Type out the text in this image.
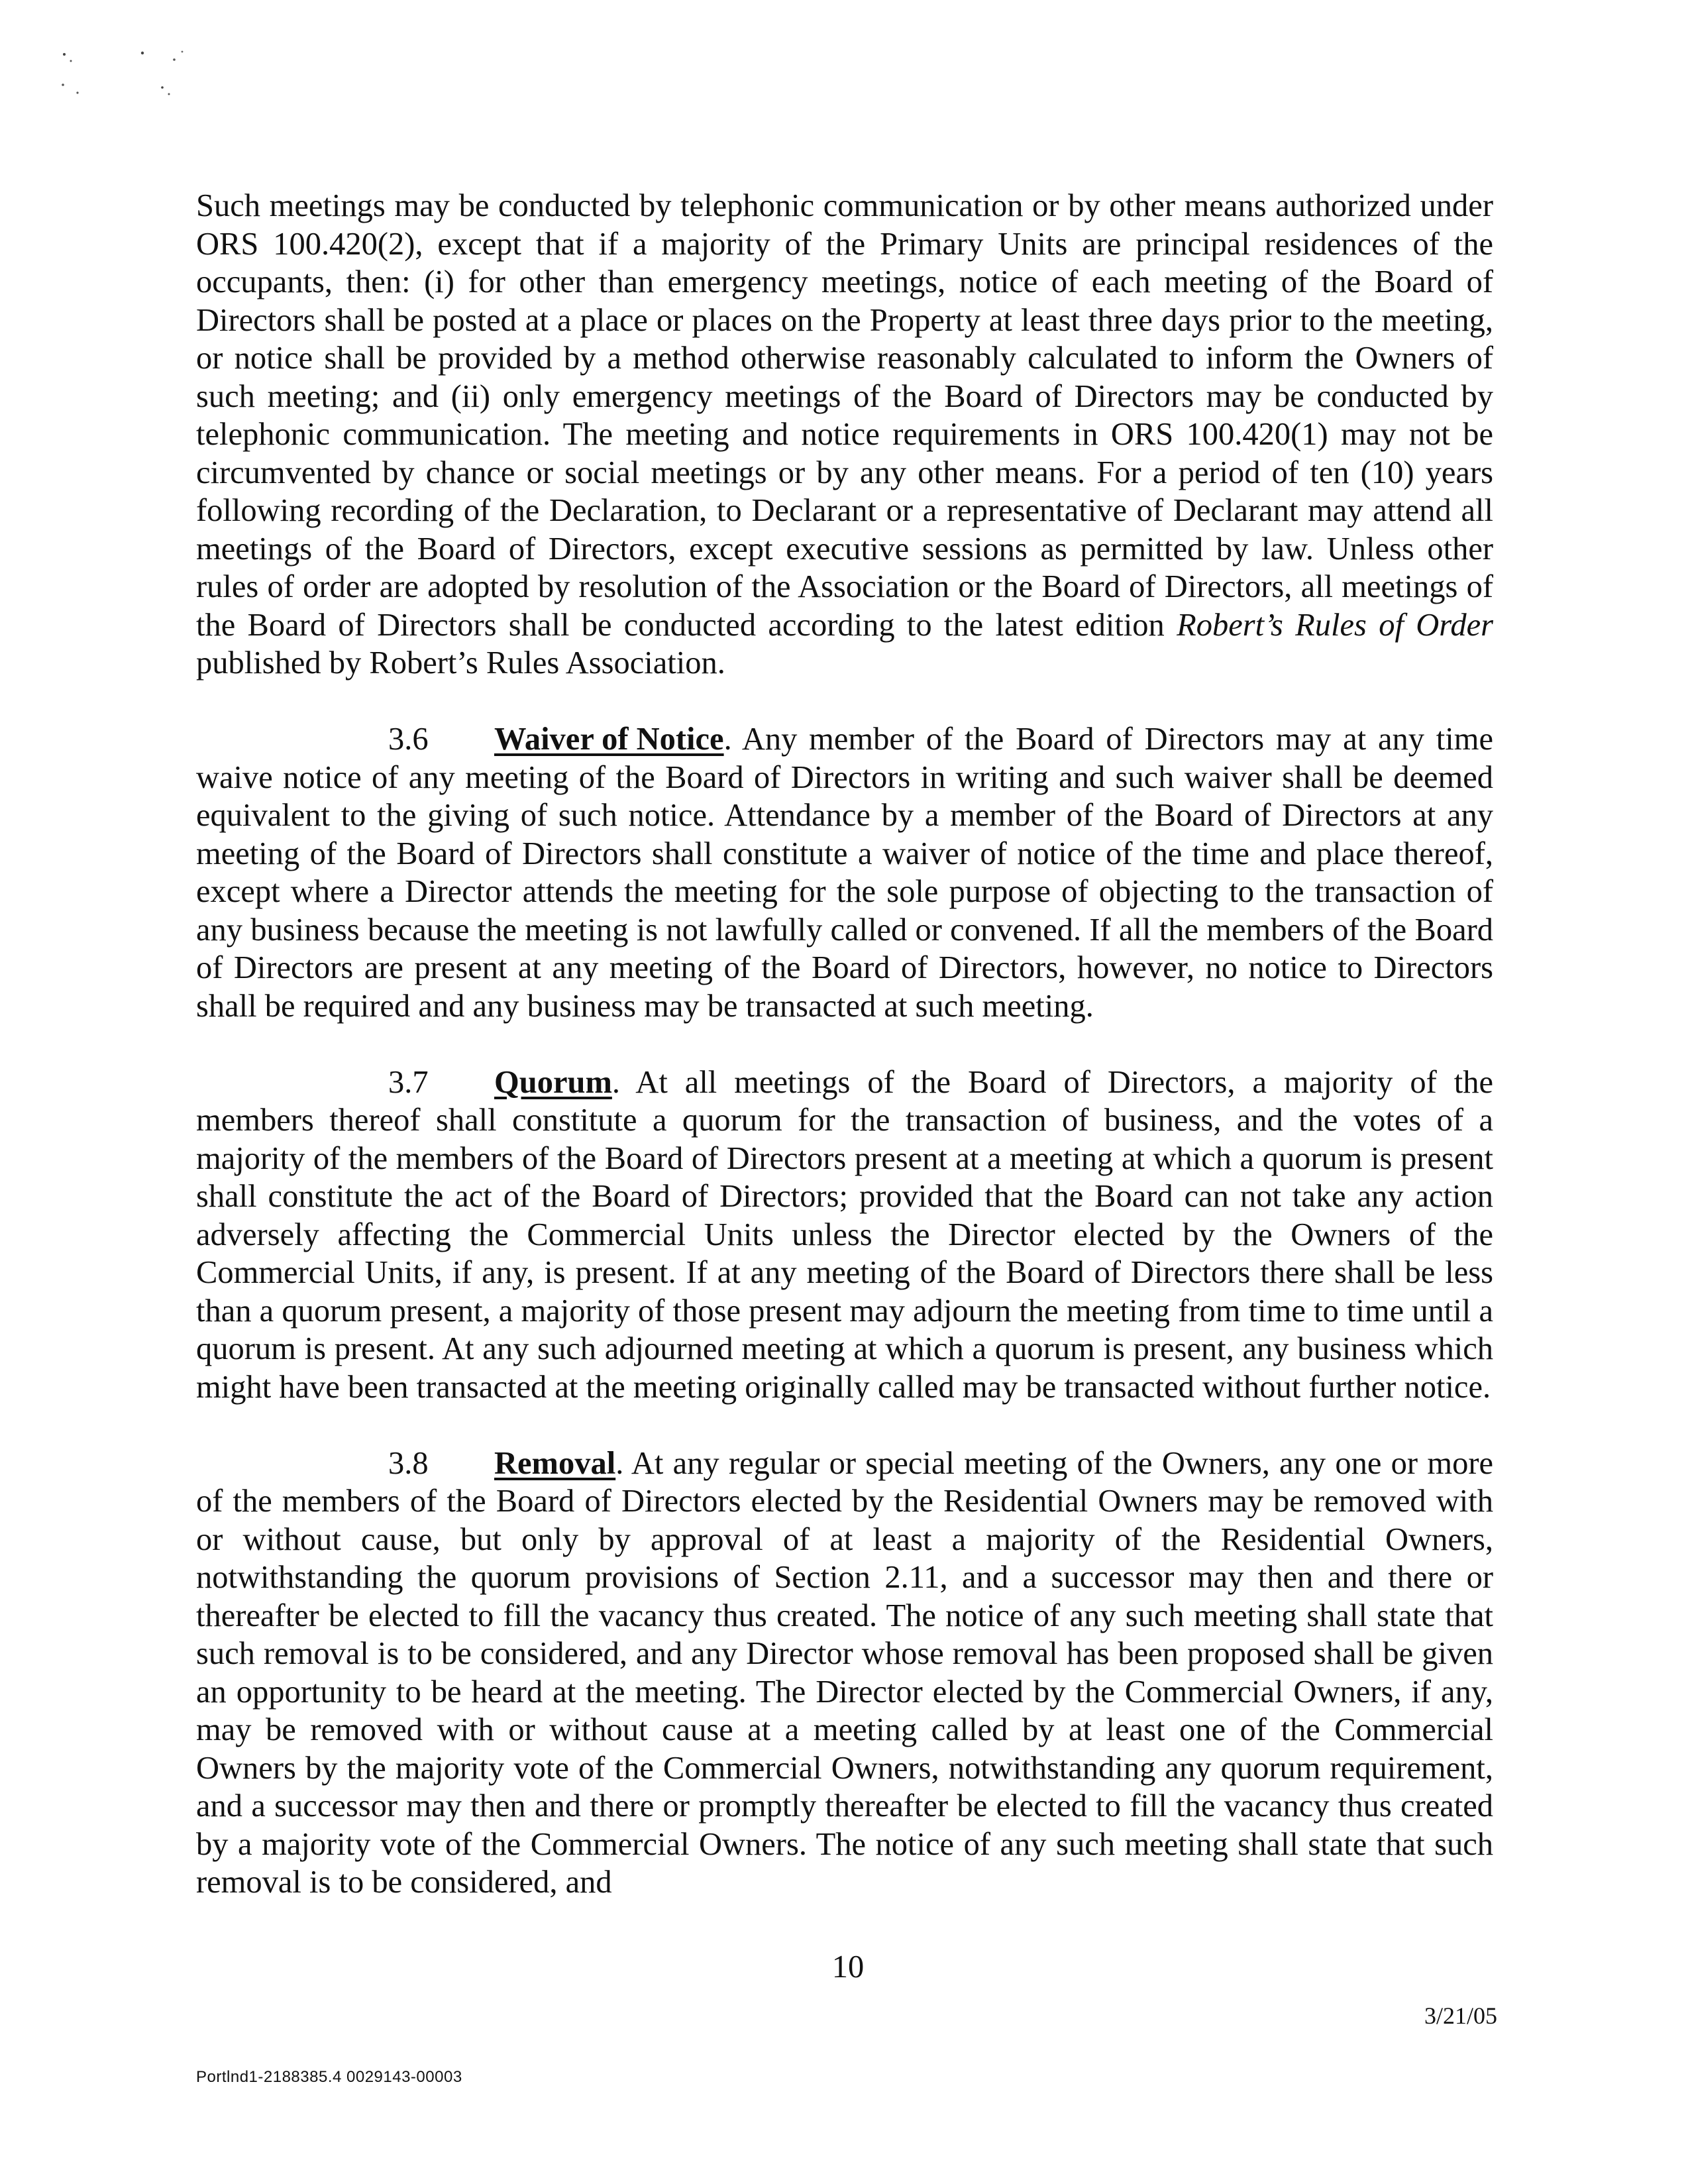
Such meetings may be conducted by telephonic communication or by other means authorized under ORS 100.420(2), except that if a majority of the Primary Units are principal residences of the occupants, then: (i) for other than emergency meetings, notice of each meeting of the Board of Directors shall be posted at a place or places on the Property at least three days prior to the meeting, or notice shall be provided by a method otherwise reasonably calculated to inform the Owners of such meeting; and (ii) only emergency meetings of the Board of Directors may be conducted by telephonic communication. The meeting and notice requirements in ORS 100.420(1) may not be circumvented by chance or social meetings or by any other means. For a period of ten (10) years following recording of the Declaration, to Declarant or a representative of Declarant may attend all meetings of the Board of Directors, except executive sessions as permitted by law. Unless other rules of order are adopted by resolution of the Association or the Board of Directors, all meetings of the Board of Directors shall be conducted according to the latest edition Robert’s Rules of Order published by Robert’s Rules Association.

3.6 Waiver of Notice. Any member of the Board of Directors may at any time waive notice of any meeting of the Board of Directors in writing and such waiver shall be deemed equivalent to the giving of such notice. Attendance by a member of the Board of Directors at any meeting of the Board of Directors shall constitute a waiver of notice of the time and place thereof, except where a Director attends the meeting for the sole purpose of objecting to the transaction of any business because the meeting is not lawfully called or convened. If all the members of the Board of Directors are present at any meeting of the Board of Directors, however, no notice to Directors shall be required and any business may be transacted at such meeting.

3.7 Quorum. At all meetings of the Board of Directors, a majority of the members thereof shall constitute a quorum for the transaction of business, and the votes of a majority of the members of the Board of Directors present at a meeting at which a quorum is present shall constitute the act of the Board of Directors; provided that the Board can not take any action adversely affecting the Commercial Units unless the Director elected by the Owners of the Commercial Units, if any, is present. If at any meeting of the Board of Directors there shall be less than a quorum present, a majority of those present may adjourn the meeting from time to time until a quorum is present. At any such adjourned meeting at which a quorum is present, any business which might have been transacted at the meeting originally called may be transacted without further notice.

3.8 Removal. At any regular or special meeting of the Owners, any one or more of the members of the Board of Directors elected by the Residential Owners may be removed with or without cause, but only by approval of at least a majority of the Residential Owners, notwithstanding the quorum provisions of Section 2.11, and a successor may then and there or thereafter be elected to fill the vacancy thus created. The notice of any such meeting shall state that such removal is to be considered, and any Director whose removal has been proposed shall be given an opportunity to be heard at the meeting. The Director elected by the Commercial Owners, if any, may be removed with or without cause at a meeting called by at least one of the Commercial Owners by the majority vote of the Commercial Owners, notwithstanding any quorum requirement, and a successor may then and there or promptly thereafter be elected to fill the vacancy thus created by a majority vote of the Commercial Owners. The notice of any such meeting shall state that such removal is to be considered, and

10
3/21/05
Portlnd1-2188385.4 0029143-00003
